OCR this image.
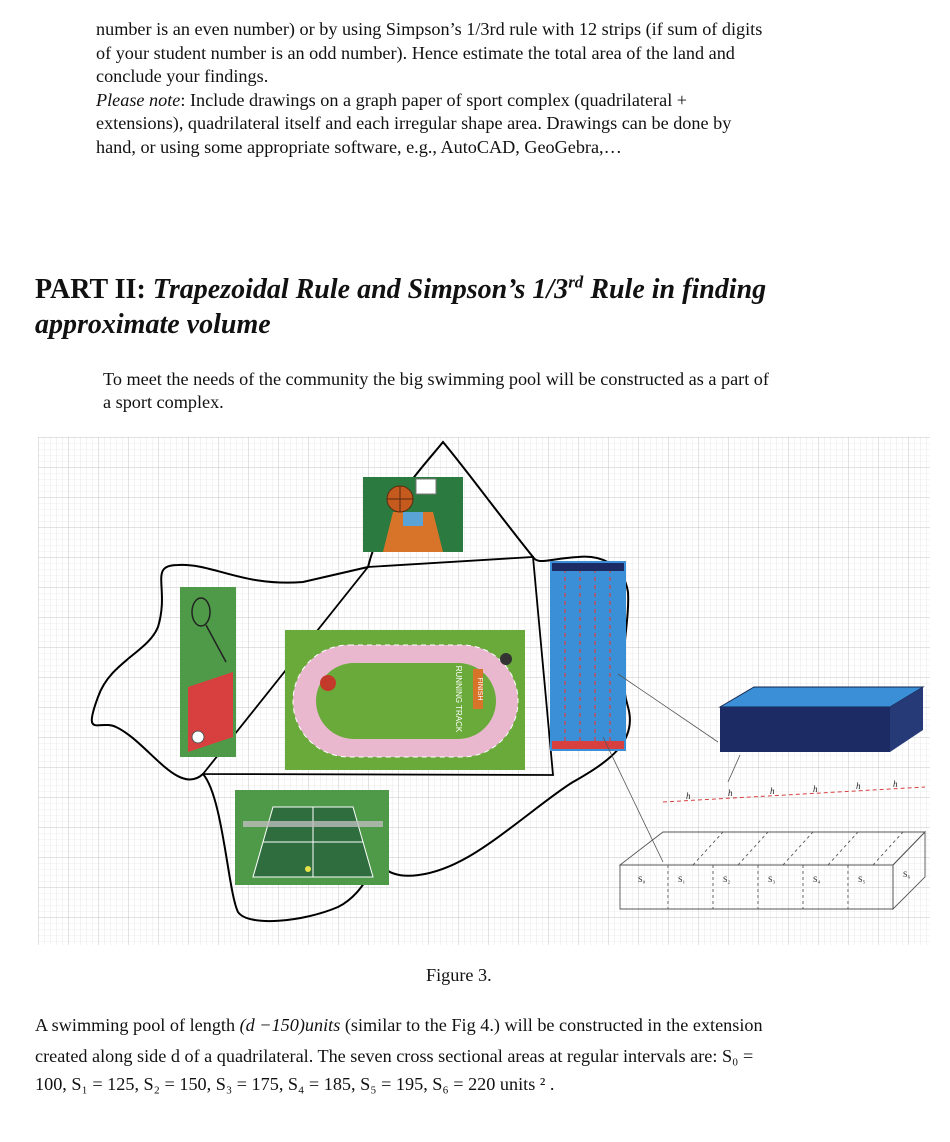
number is an even number) or by using Simpson’s 1/3rd rule with 12 strips (if sum of digits
of your student number is an odd number). Hence estimate the total area of the land and
conclude your findings.
Please note: Include drawings on a graph paper of sport complex (quadrilateral +
extensions), quadrilateral itself and each irregular shape area. Drawings can be done by
hand, or using some appropriate software, e.g., AutoCAD, GeoGebra,…
PART II: Trapezoidal Rule and Simpson’s 1/3rd Rule in finding
approximate volume
To meet the needs of the community the big swimming pool will be constructed as a part of
a sport complex.
RUNNING TRACK FINISH
h	h	h	h	h	h
S₀	S₁	S₂	S₃	S₄	S₅
S₆
Figure 3.
A swimming pool of length (d −150)units (similar to the Fig 4.) will be constructed in the extension
created along side d of a quadrilateral. The seven cross sectional areas at regular intervals are: S₀ =
100, S₁ = 125, S₂ = 150, S₃ = 175, S₄ = 185, S₅ = 195, S₆ = 220 units ² .
